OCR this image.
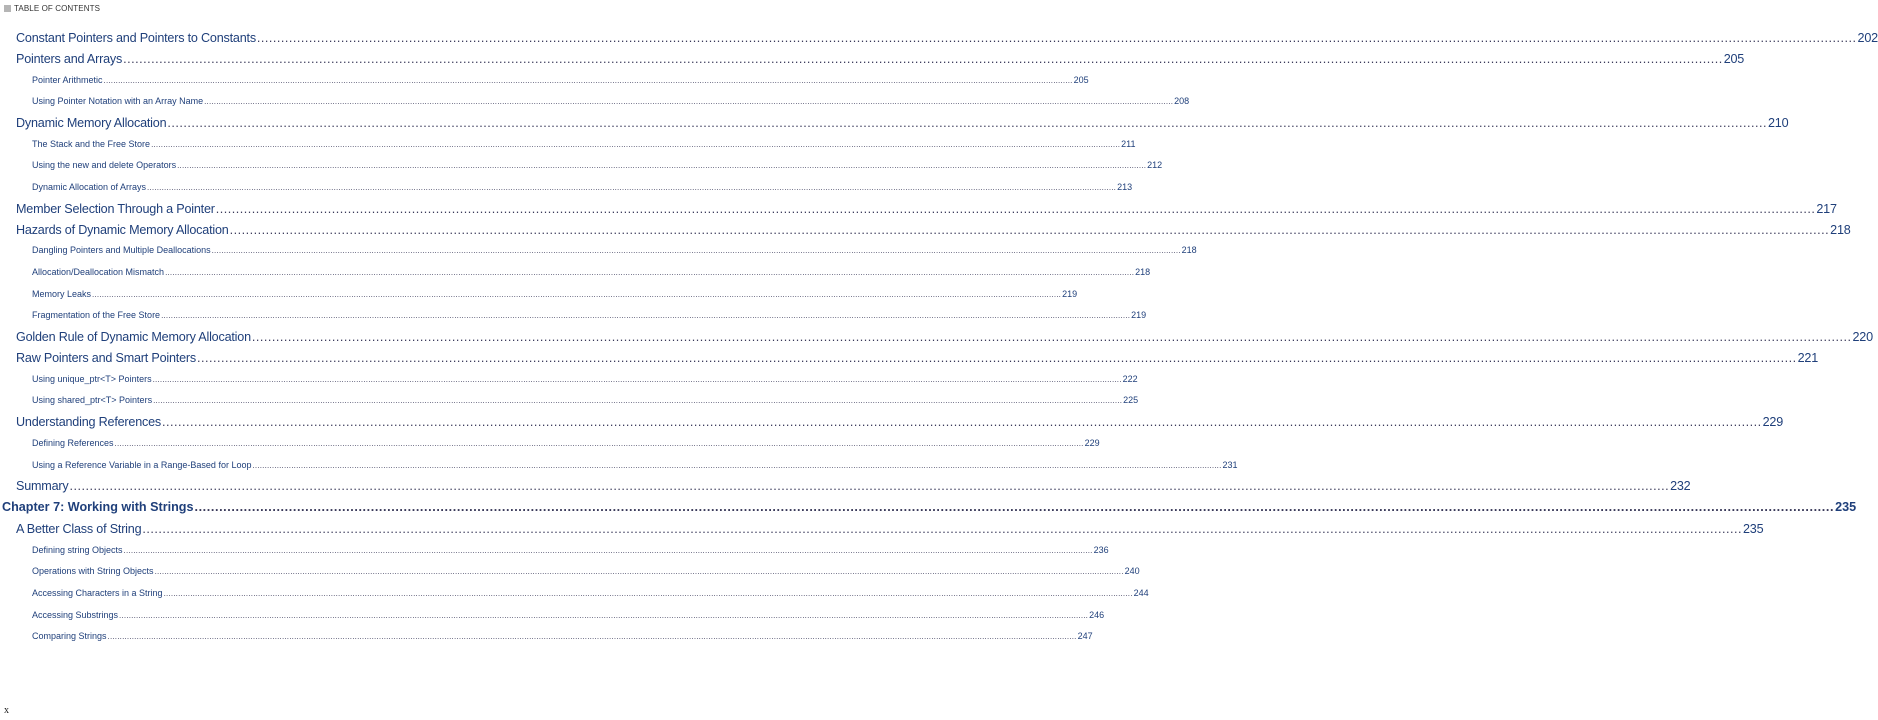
TABLE OF CONTENTS
Constant Pointers and Pointers to Constants ................................................................................................................................................................................................................................................................................................................................................................................................................ 202
Pointers and Arrays ................................................................................................................................................................................................................................................................................................................................................................................................................ 205
Pointer Arithmetic ................................................................................................................................................................................................................................................................................................................................................................................................................ 205
Using Pointer Notation with an Array Name ................................................................................................................................................................................................................................................................................................................................................................................................................ 208
Dynamic Memory Allocation ................................................................................................................................................................................................................................................................................................................................................................................................................ 210
The Stack and the Free Store ................................................................................................................................................................................................................................................................................................................................................................................................................ 211
Using the new and delete Operators ................................................................................................................................................................................................................................................................................................................................................................................................................ 212
Dynamic Allocation of Arrays ................................................................................................................................................................................................................................................................................................................................................................................................................ 213
Member Selection Through a Pointer ................................................................................................................................................................................................................................................................................................................................................................................................................ 217
Hazards of Dynamic Memory Allocation ................................................................................................................................................................................................................................................................................................................................................................................................................ 218
Dangling Pointers and Multiple Deallocations ................................................................................................................................................................................................................................................................................................................................................................................................................ 218
Allocation/Deallocation Mismatch ................................................................................................................................................................................................................................................................................................................................................................................................................ 218
Memory Leaks ................................................................................................................................................................................................................................................................................................................................................................................................................ 219
Fragmentation of the Free Store ................................................................................................................................................................................................................................................................................................................................................................................................................ 219
Golden Rule of Dynamic Memory Allocation ................................................................................................................................................................................................................................................................................................................................................................................................................ 220
Raw Pointers and Smart Pointers ................................................................................................................................................................................................................................................................................................................................................................................................................ 221
Using unique_ptr<T> Pointers ................................................................................................................................................................................................................................................................................................................................................................................................................ 222
Using shared_ptr<T> Pointers ................................................................................................................................................................................................................................................................................................................................................................................................................ 225
Understanding References ................................................................................................................................................................................................................................................................................................................................................................................................................ 229
Defining References ................................................................................................................................................................................................................................................................................................................................................................................................................ 229
Using a Reference Variable in a Range-Based for Loop ................................................................................................................................................................................................................................................................................................................................................................................................................ 231
Summary ................................................................................................................................................................................................................................................................................................................................................................................................................ 232
Chapter 7: Working with Strings ................................................................................................................................................................................................................................................................................................................................................................................................................ 235
A Better Class of String ................................................................................................................................................................................................................................................................................................................................................................................................................ 235
Defining string Objects ................................................................................................................................................................................................................................................................................................................................................................................................................ 236
Operations with String Objects ................................................................................................................................................................................................................................................................................................................................................................................................................ 240
Accessing Characters in a String ................................................................................................................................................................................................................................................................................................................................................................................................................ 244
Accessing Substrings ................................................................................................................................................................................................................................................................................................................................................................................................................ 246
Comparing Strings ................................................................................................................................................................................................................................................................................................................................................................................................................ 247
x
